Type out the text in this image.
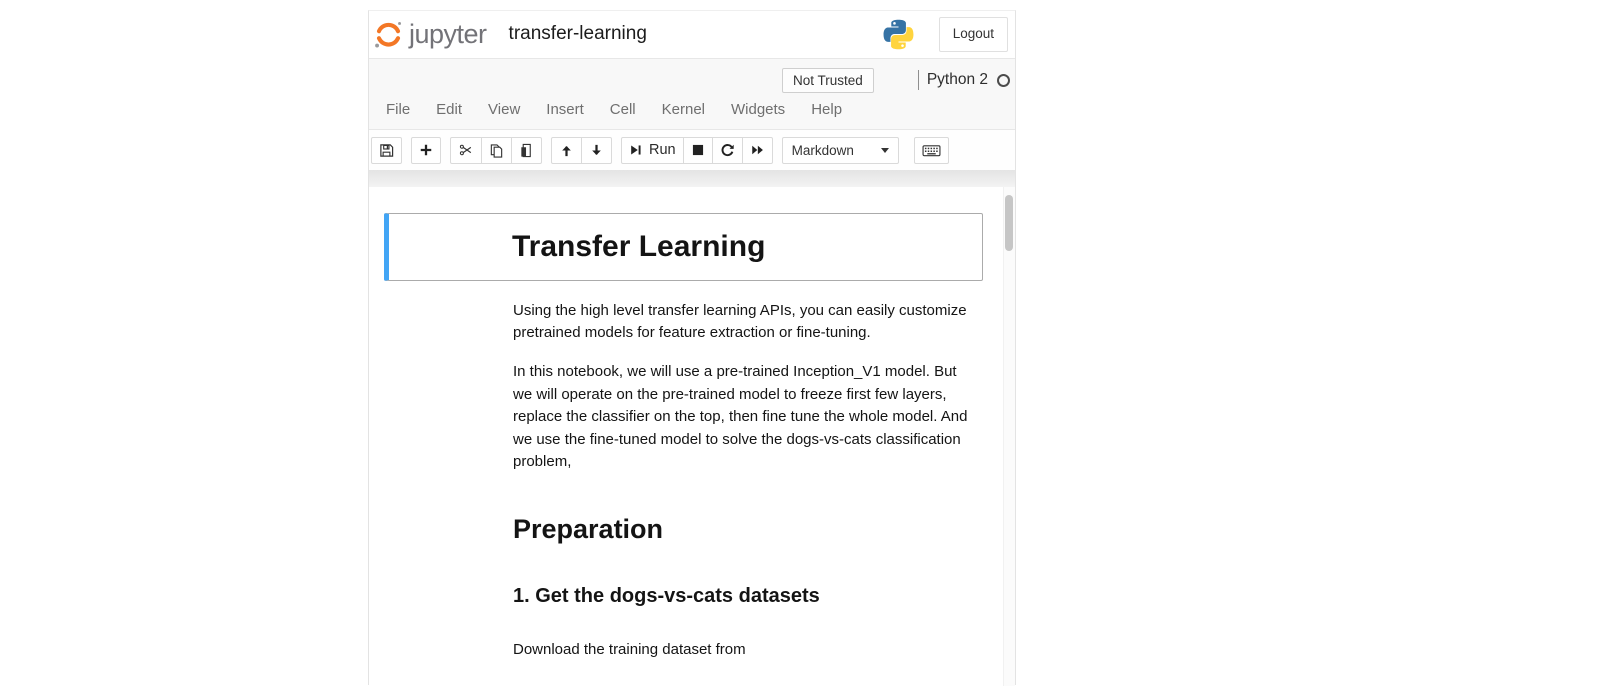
jupyter transfer-learning	Logout
Not Trusted	Python 2
File	Edit	View	Insert	Cell	Kernel	Widgets	Help
Run	Markdown
Transfer Learning

Using the high level transfer learning APIs, you can easily customize pretrained models for feature extraction or fine-tuning.

In this notebook, we will use a pre-trained Inception_V1 model. But we will operate on the pre-trained model to freeze first few layers, replace the classifier on the top, then fine tune the whole model. And we use the fine-tuned model to solve the dogs-vs-cats classification problem,

Preparation
1. Get the dogs-vs-cats datasets

Download the training dataset from
